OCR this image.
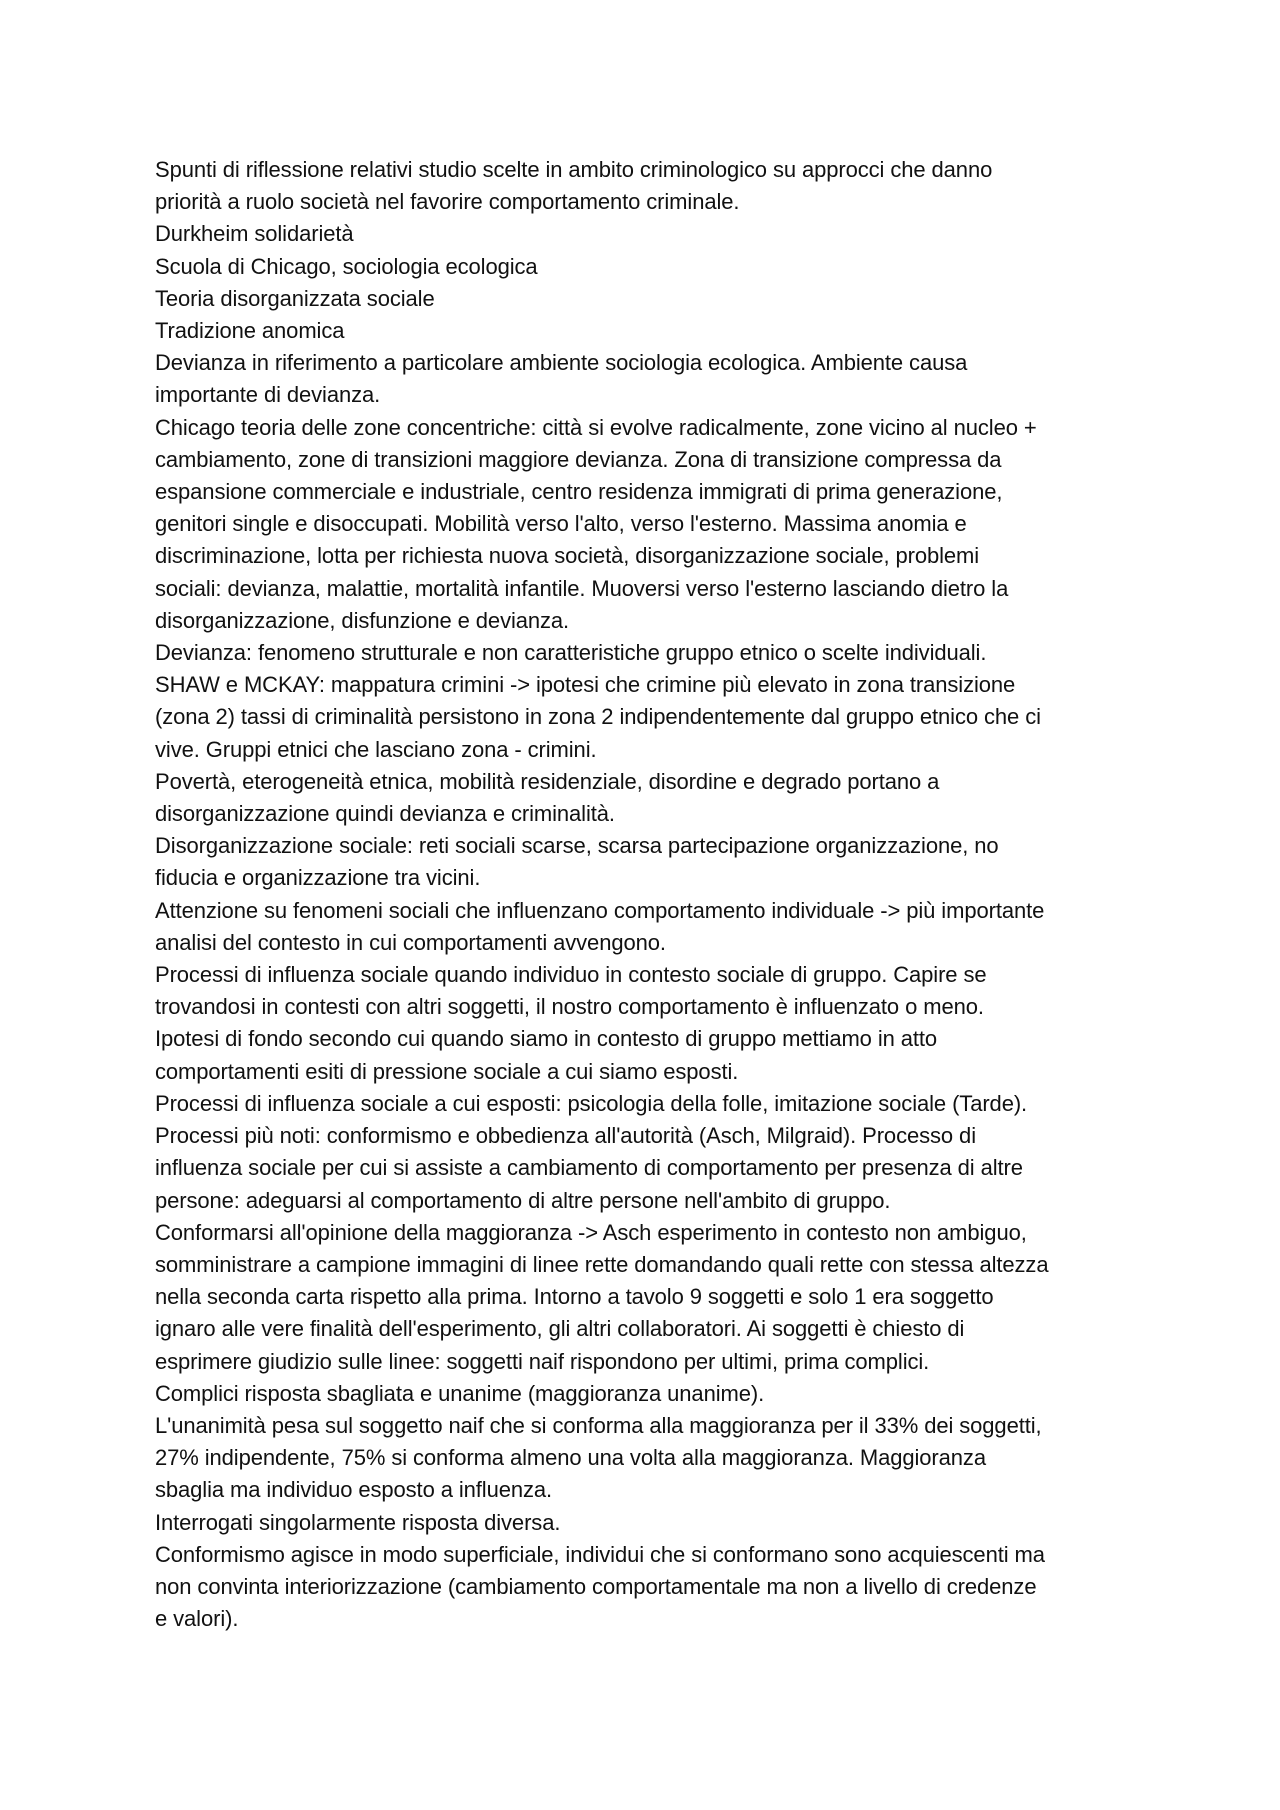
Spunti di riflessione relativi studio scelte in ambito criminologico su approcci che danno
priorità a ruolo società nel favorire comportamento criminale.

Durkheim solidarietà

Scuola di Chicago, sociologia ecologica

Teoria disorganizzata sociale

Tradizione anomica

Devianza in riferimento a particolare ambiente sociologia ecologica. Ambiente causa
importante di devianza.

Chicago teoria delle zone concentriche: città si evolve radicalmente, zone vicino al nucleo +
cambiamento, zone di transizioni maggiore devianza. Zona di transizione compressa da
espansione commerciale e industriale, centro residenza immigrati di prima generazione,
genitori single e disoccupati. Mobilità verso l'alto, verso l'esterno. Massima anomia e
discriminazione, lotta per richiesta nuova società, disorganizzazione sociale, problemi
sociali: devianza, malattie, mortalità infantile. Muoversi verso l'esterno lasciando dietro la
disorganizzazione, disfunzione e devianza.

Devianza: fenomeno strutturale e non caratteristiche gruppo etnico o scelte individuali.

SHAW e MCKAY: mappatura crimini -> ipotesi che crimine più elevato in zona transizione
(zona 2) tassi di criminalità persistono in zona 2 indipendentemente dal gruppo etnico che ci
vive. Gruppi etnici che lasciano zona - crimini.

Povertà, eterogeneità etnica, mobilità residenziale, disordine e degrado portano a
disorganizzazione quindi devianza e criminalità.

Disorganizzazione sociale: reti sociali scarse, scarsa partecipazione organizzazione, no
fiducia e organizzazione tra vicini.

Attenzione su fenomeni sociali che influenzano comportamento individuale -> più importante
analisi del contesto in cui comportamenti avvengono.

Processi di influenza sociale quando individuo in contesto sociale di gruppo. Capire se
trovandosi in contesti con altri soggetti, il nostro comportamento è influenzato o meno.

Ipotesi di fondo secondo cui quando siamo in contesto di gruppo mettiamo in atto
comportamenti esiti di pressione sociale a cui siamo esposti.

Processi di influenza sociale a cui esposti: psicologia della folle, imitazione sociale (Tarde).

Processi più noti: conformismo e obbedienza all'autorità (Asch, Milgraid). Processo di
influenza sociale per cui si assiste a cambiamento di comportamento per presenza di altre
persone: adeguarsi al comportamento di altre persone nell'ambito di gruppo.

Conformarsi all'opinione della maggioranza -> Asch esperimento in contesto non ambiguo,
somministrare a campione immagini di linee rette domandando quali rette con stessa altezza
nella seconda carta rispetto alla prima. Intorno a tavolo 9 soggetti e solo 1 era soggetto
ignaro alle vere finalità dell'esperimento, gli altri collaboratori. Ai soggetti è chiesto di
esprimere giudizio sulle linee: soggetti naif rispondono per ultimi, prima complici.

Complici risposta sbagliata e unanime (maggioranza unanime).

L'unanimità pesa sul soggetto naif che si conforma alla maggioranza per il 33% dei soggetti,
27% indipendente, 75% si conforma almeno una volta alla maggioranza. Maggioranza
sbaglia ma individuo esposto a influenza.

Interrogati singolarmente risposta diversa.

Conformismo agisce in modo superficiale, individui che si conformano sono acquiescenti ma
non convinta interiorizzazione (cambiamento comportamentale ma non a livello di credenze
e valori).
